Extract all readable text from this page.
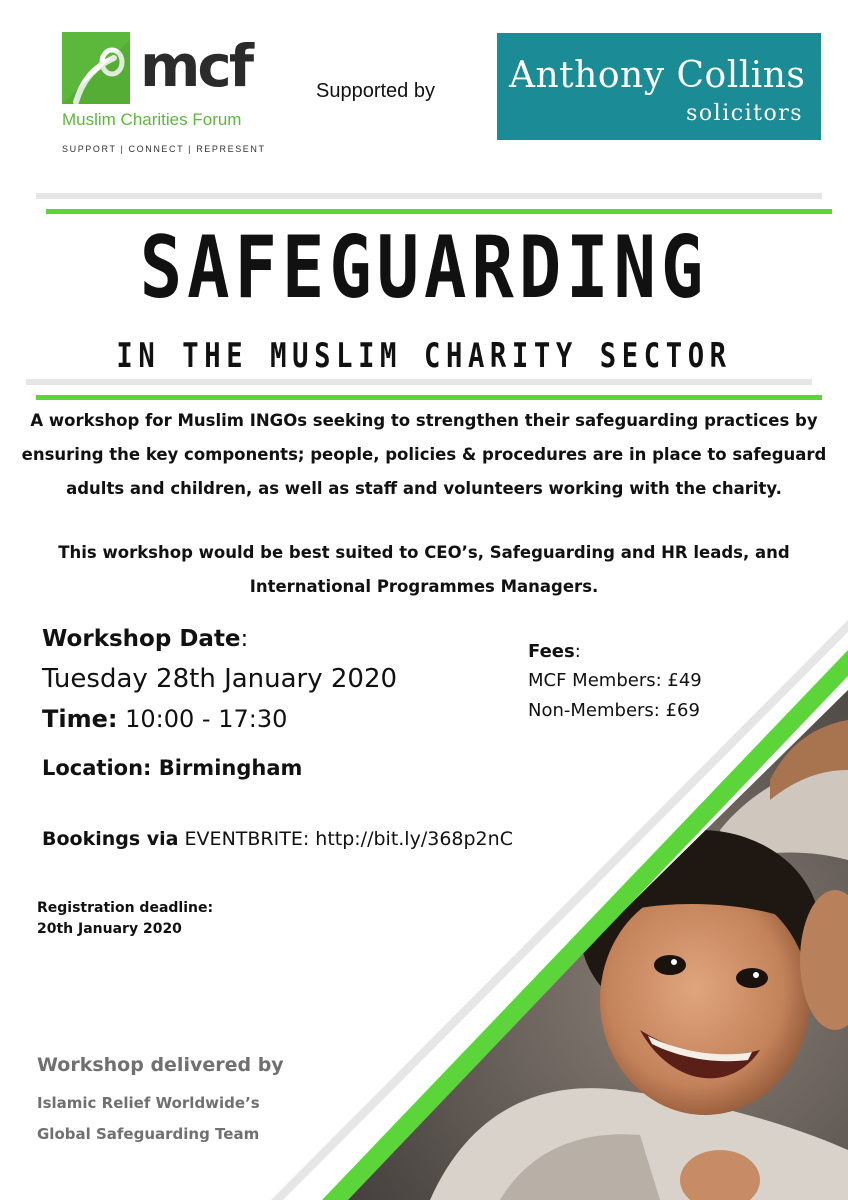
mcf
Muslim Charities Forum
SUPPORT | CONNECT | REPRESENT
Supported by Anthony Collins
solicitors
SAFEGUARDING
IN THE MUSLIM CHARITY SECTOR
A workshop for Muslim INGOs seeking to strengthen their safeguarding practices by ensuring the key components; people, policies & procedures are in place to safeguard adults and children, as well as staff and volunteers working with the charity.
This workshop would be best suited to CEO’s, Safeguarding and HR leads, and International Programmes Managers.
Workshop Date:
Tuesday 28th January 2020
Time: 10:00 - 17:30
Location: Birmingham
Bookings via EVENTBRITE: http://bit.ly/368p2nC
Fees:
MCF Members: £49
Non-Members: £69
Registration deadline:
20th January 2020
Workshop delivered by
Islamic Relief Worldwide’s
Global Safeguarding Team
